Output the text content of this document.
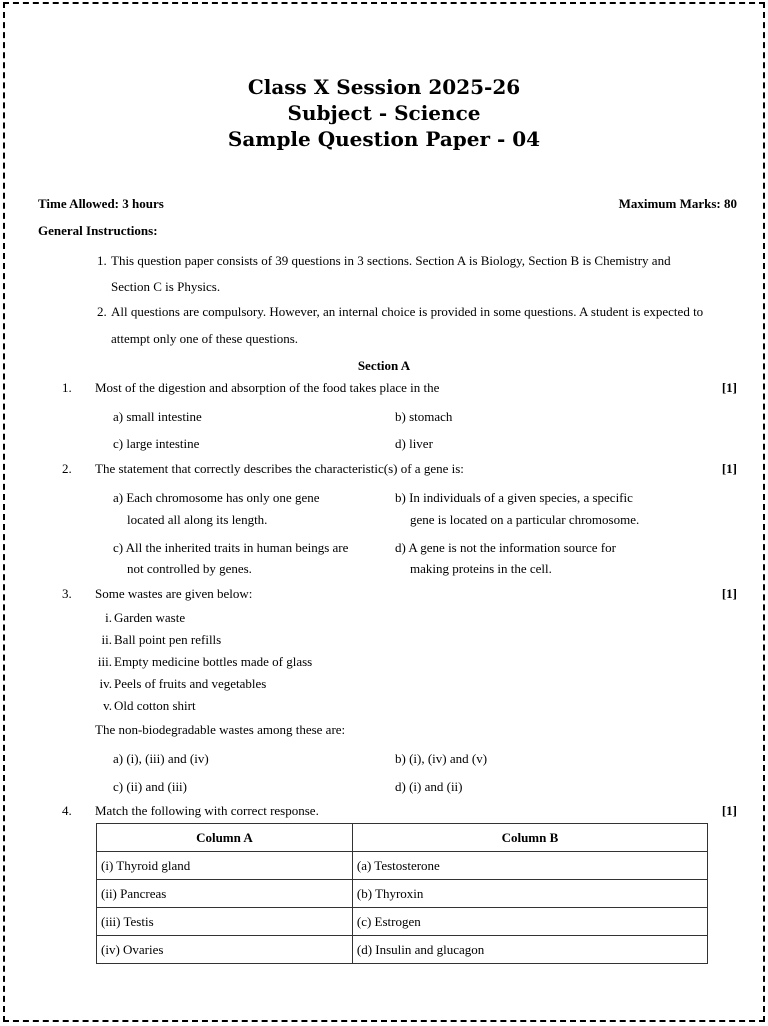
Class X Session 2025-26
Subject - Science
Sample Question Paper - 04
Time Allowed: 3 hours	Maximum Marks: 80
General Instructions:
1. This question paper consists of 39 questions in 3 sections. Section A is Biology, Section B is Chemistry and
Section C is Physics.
2. All questions are compulsory. However, an internal choice is provided in some questions. A student is expected to
attempt only one of these questions.
Section A
1. Most of the digestion and absorption of the food takes place in the	[1]
a) small intestine	b) stomach
c) large intestine	d) liver
2. The statement that correctly describes the characteristic(s) of a gene is:	[1]
a) Each chromosome has only one gene
located all along its length.
b) In individuals of a given species, a specific
gene is located on a particular chromosome.
c) All the inherited traits in human beings are
not controlled by genes.
d) A gene is not the information source for
making proteins in the cell.
3. Some wastes are given below:	[1]
i. Garden waste
ii. Ball point pen refills
iii. Empty medicine bottles made of glass
iv. Peels of fruits and vegetables
v. Old cotton shirt
The non-biodegradable wastes among these are:
a) (i), (iii) and (iv)	b) (i), (iv) and (v)
c) (ii) and (iii)	d) (i) and (ii)
4. Match the following with correct response.	[1]
Column A	Column B
(i) Thyroid gland	(a) Testosterone
(ii) Pancreas	(b) Thyroxin
(iii) Testis	(c) Estrogen
(iv) Ovaries	(d) Insulin and glucagon
